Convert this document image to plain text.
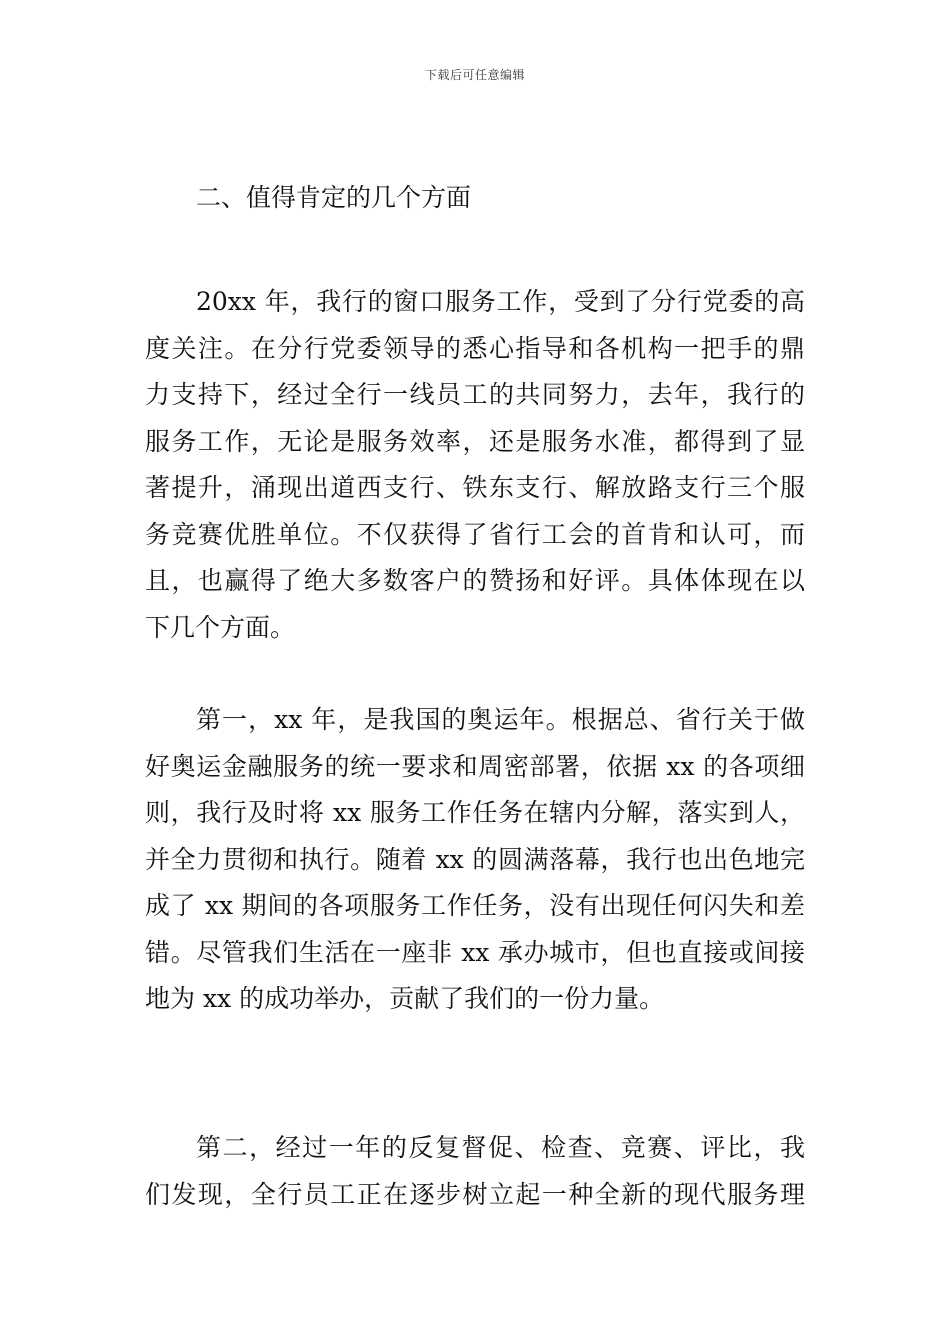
下载后可任意编辑
二、值得肯定的几个方面
20xx 年，我行的窗口服务工作，受到了分行党委的高
度关注。在分行党委领导的悉心指导和各机构一把手的鼎
力支持下，经过全行一线员工的共同努力，去年，我行的
服务工作，无论是服务效率，还是服务水准，都得到了显
著提升，涌现出道西支行、铁东支行、解放路支行三个服
务竞赛优胜单位。不仅获得了省行工会的首肯和认可，而
且，也赢得了绝大多数客户的赞扬和好评。具体体现在以
下几个方面。
第一，xx 年，是我国的奥运年。根据总、省行关于做
好奥运金融服务的统一要求和周密部署，依据 xx 的各项细
则，我行及时将 xx 服务工作任务在辖内分解，落实到人，
并全力贯彻和执行。随着 xx 的圆满落幕，我行也出色地完
成了 xx 期间的各项服务工作任务，没有出现任何闪失和差
错。尽管我们生活在一座非 xx 承办城市，但也直接或间接
地为 xx 的成功举办，贡献了我们的一份力量。
第二，经过一年的反复督促、检查、竞赛、评比，我
们发现，全行员工正在逐步树立起一种全新的现代服务理
